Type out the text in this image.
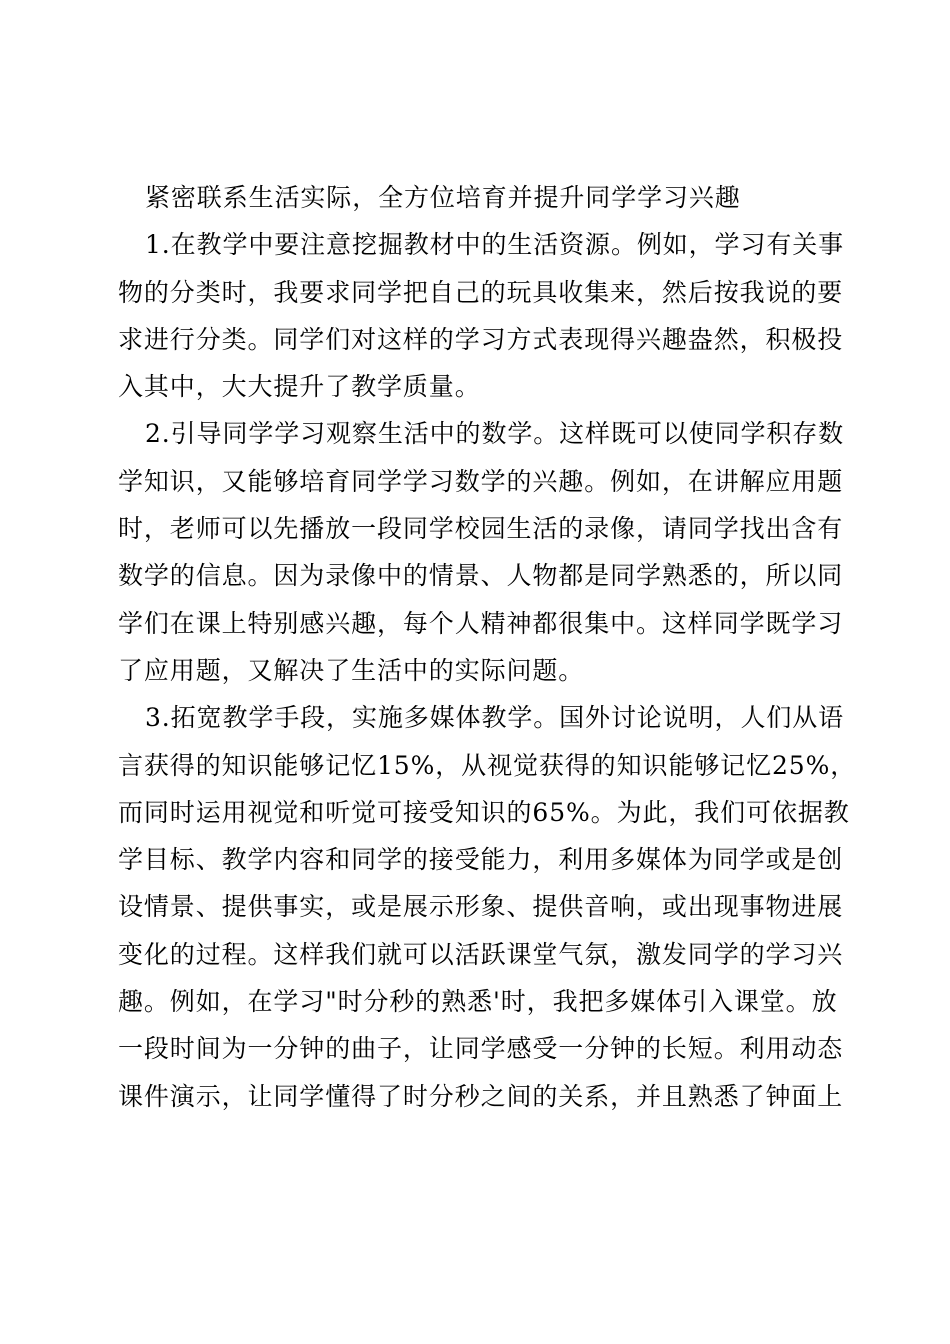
紧密联系生活实际，全方位培育并提升同学学习兴趣
1.在教学中要注意挖掘教材中的生活资源。例如，学习有关事
物的分类时，我要求同学把自己的玩具收集来，然后按我说的要
求进行分类。同学们对这样的学习方式表现得兴趣盎然，积极投
入其中，大大提升了教学质量。
2.引导同学学习观察生活中的数学。这样既可以使同学积存数
学知识，又能够培育同学学习数学的兴趣。例如，在讲解应用题
时，老师可以先播放一段同学校园生活的录像，请同学找出含有
数学的信息。因为录像中的情景、人物都是同学熟悉的，所以同
学们在课上特别感兴趣，每个人精神都很集中。这样同学既学习
了应用题，又解决了生活中的实际问题。
3.拓宽教学手段，实施多媒体教学。国外讨论说明，人们从语
言获得的知识能够记忆15%，从视觉获得的知识能够记忆25%，
而同时运用视觉和听觉可接受知识的65%。为此，我们可依据教
学目标、教学内容和同学的接受能力，利用多媒体为同学或是创
设情景、提供事实，或是展示形象、提供音响，或出现事物进展
变化的过程。这样我们就可以活跃课堂气氛，激发同学的学习兴
趣。例如，在学习"时分秒的熟悉'时，我把多媒体引入课堂。放
一段时间为一分钟的曲子，让同学感受一分钟的长短。利用动态
课件演示，让同学懂得了时分秒之间的关系，并且熟悉了钟面上
